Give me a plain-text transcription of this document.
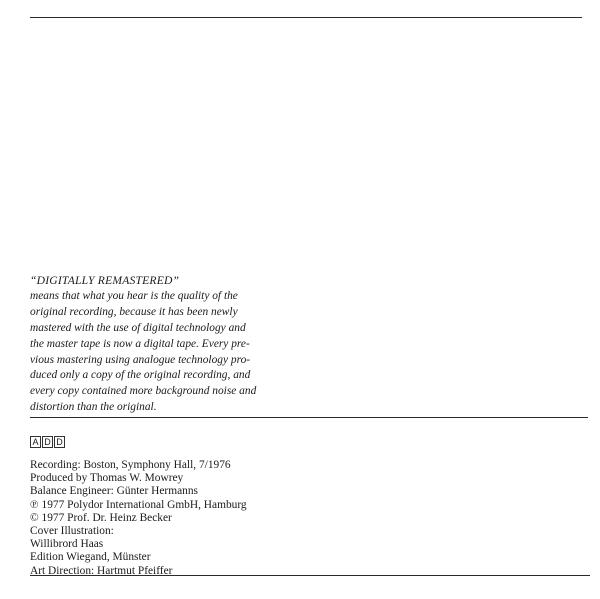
“DIGITALLY REMASTERED”
means that what you hear is the quality of the
original recording, because it has been newly
mastered with the use of digital technology and
the master tape is now a digital tape. Every pre-
vious mastering using analogue technology pro-
duced only a copy of the original recording, and
every copy contained more background noise and
distortion than the original.
A D D
Recording: Boston, Symphony Hall, 7/1976
Produced by Thomas W. Mowrey
Balance Engineer: Günter Hermanns
℗ 1977 Polydor International GmbH, Hamburg
© 1977 Prof. Dr. Heinz Becker
Cover Illustration:
Willibrord Haas
Edition Wiegand, Münster
Art Direction: Hartmut Pfeiffer
